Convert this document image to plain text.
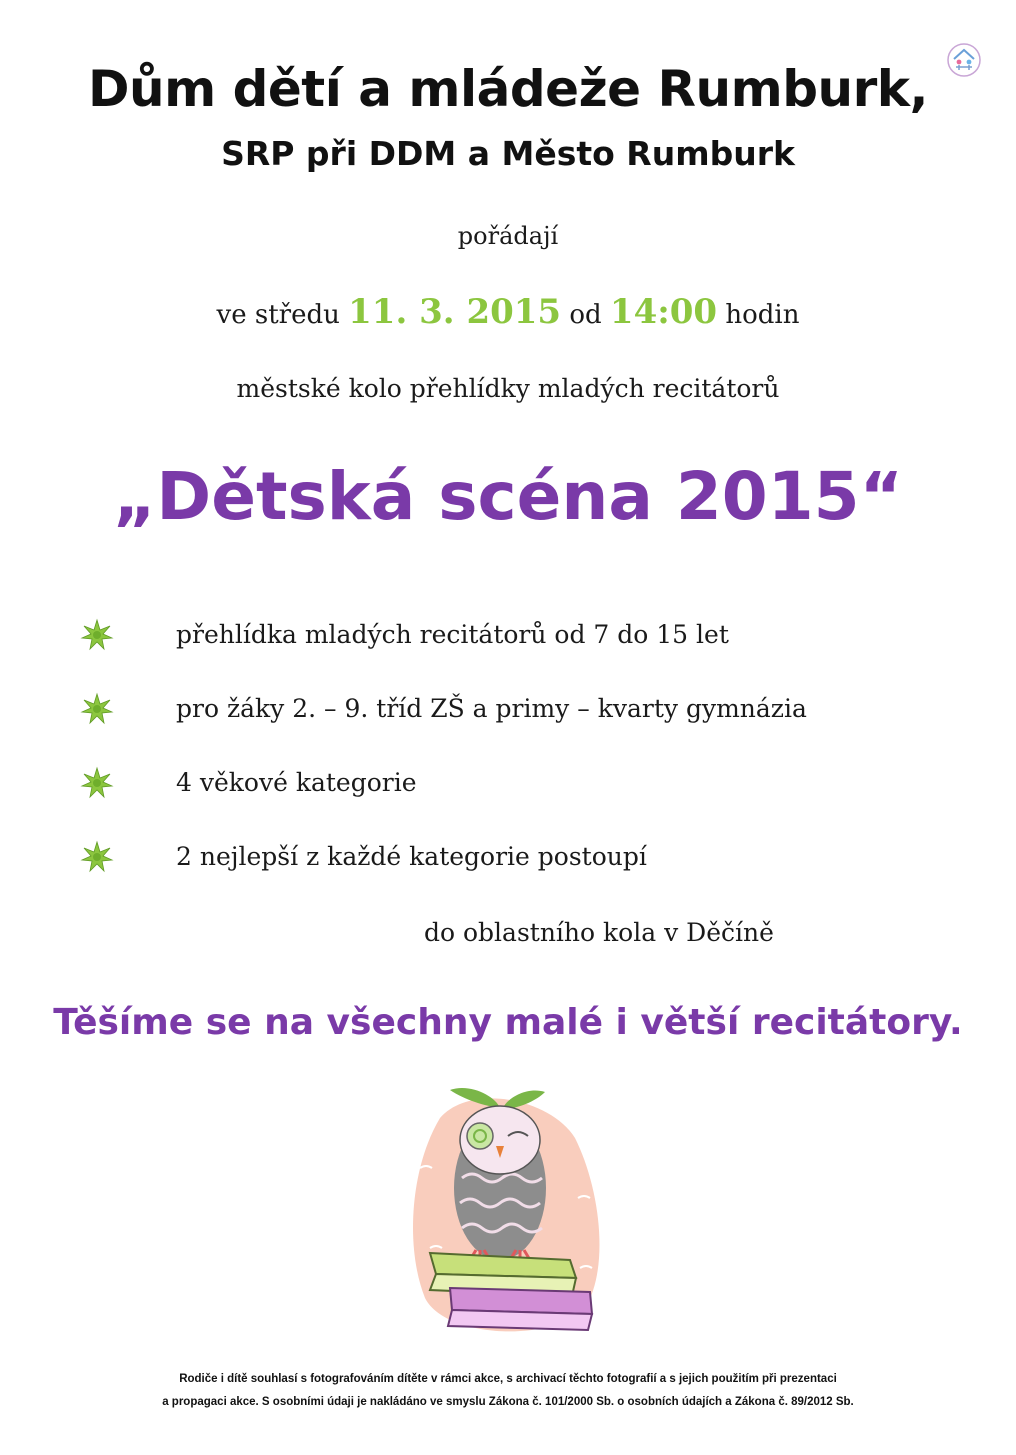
Dům dětí a mládeže Rumburk,
SRP při DDM a Město Rumburk
pořádají
ve středu 11. 3. 2015 od 14:00 hodin
městské kolo přehlídky mladých recitátorů
„Dětská scéna 2015“
přehlídka mladých recitátorů od 7 do 15 let
pro žáky 2. – 9. tříd ZŠ a primy – kvarty gymnázia
4 věkové kategorie
2 nejlepší z každé kategorie postoupí
do oblastního kola v Děčíně
Těšíme se na všechny malé i větší recitátory.
Rodiče i dítě souhlasí s fotografováním dítěte v rámci akce, s archivací těchto fotografií a s jejich použitím při prezentaci
a propagaci akce. S osobními údaji je nakládáno ve smyslu Zákona č. 101/2000 Sb. o osobních údajích a Zákona č. 89/2012 Sb.
